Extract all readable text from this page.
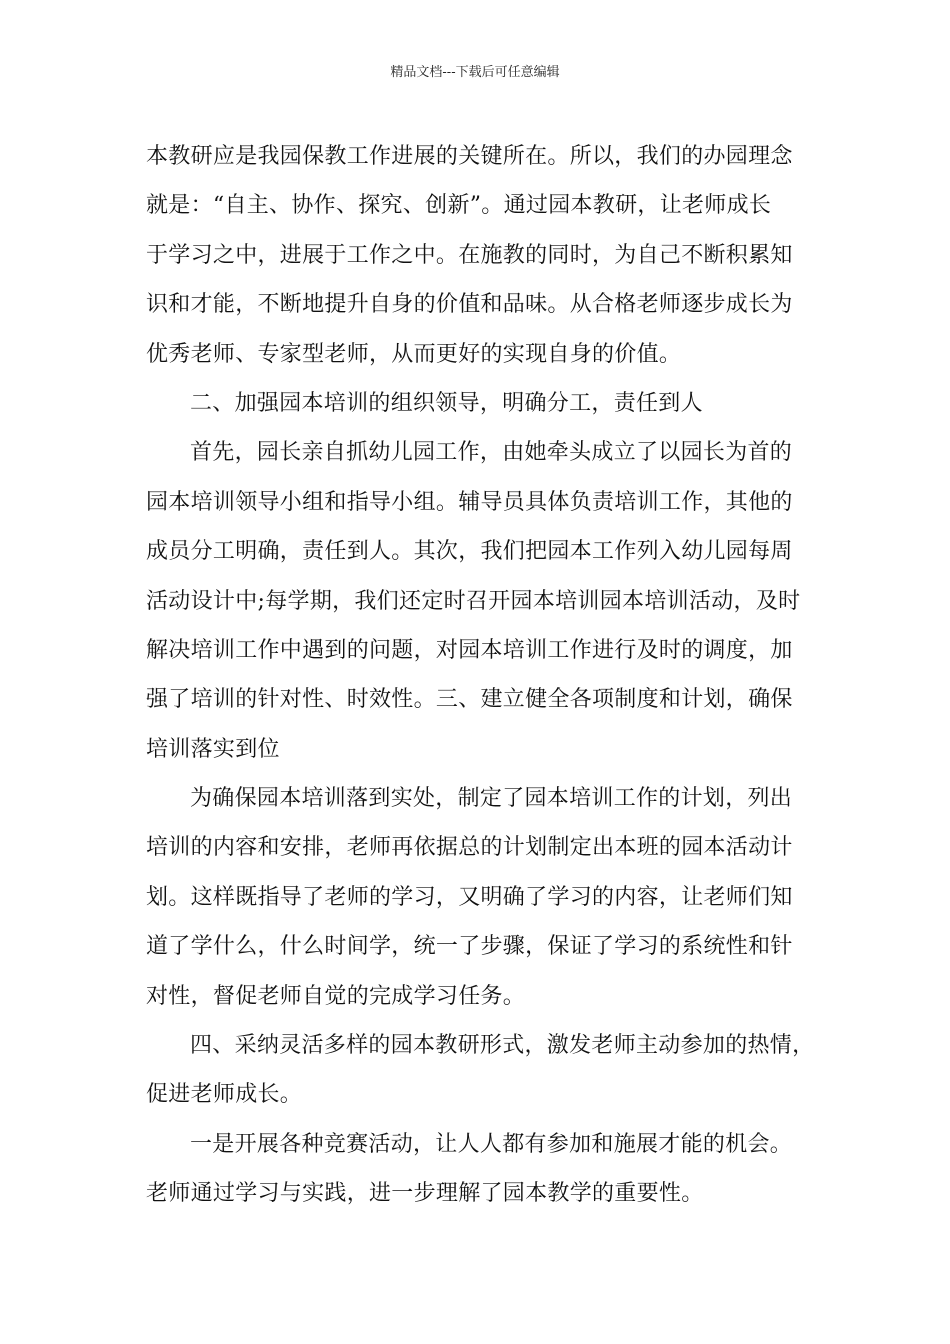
精品文档---下载后可任意编辑
本教研应是我园保教工作进展的关键所在。所以，我们的办园理念
就是：“自主、协作、探究、创新”。通过园本教研，让老师成长
于学习之中，进展于工作之中。在施教的同时，为自己不断积累知
识和才能，不断地提升自身的价值和品味。从合格老师逐步成长为
优秀老师、专家型老师，从而更好的实现自身的价值。
二、加强园本培训的组织领导，明确分工，责任到人
首先，园长亲自抓幼儿园工作，由她牵头成立了以园长为首的
园本培训领导小组和指导小组。辅导员具体负责培训工作，其他的
成员分工明确，责任到人。其次，我们把园本工作列入幼儿园每周
活动设计中;每学期，我们还定时召开园本培训园本培训活动，及时
解决培训工作中遇到的问题，对园本培训工作进行及时的调度，加
强了培训的针对性、时效性。三、建立健全各项制度和计划，确保
培训落实到位
为确保园本培训落到实处，制定了园本培训工作的计划，列出
培训的内容和安排，老师再依据总的计划制定出本班的园本活动计
划。这样既指导了老师的学习，又明确了学习的内容，让老师们知
道了学什么，什么时间学，统一了步骤，保证了学习的系统性和针
对性，督促老师自觉的完成学习任务。
四、采纳灵活多样的园本教研形式，激发老师主动参加的热情，
促进老师成长。
一是开展各种竞赛活动，让人人都有参加和施展才能的机会。
老师通过学习与实践，进一步理解了园本教学的重要性。
